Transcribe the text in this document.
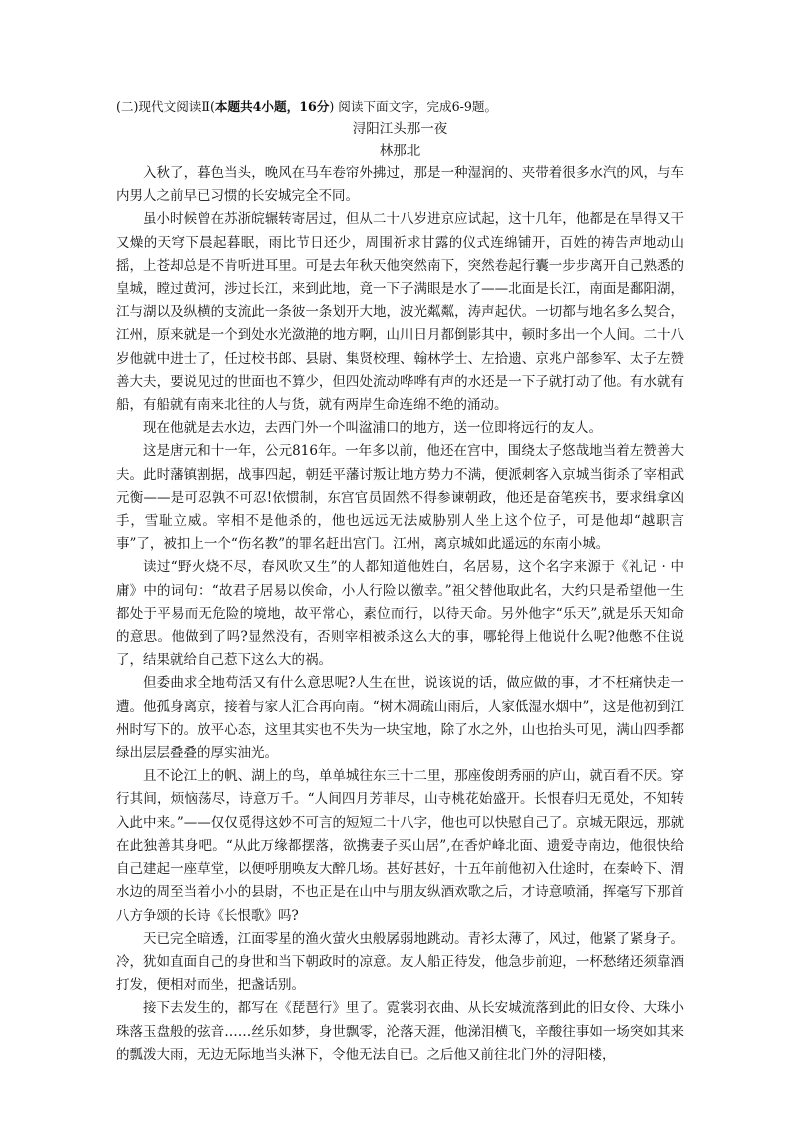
(二)现代文阅读Ⅱ(本题共4小题，16分) 阅读下面文字，完成6-9题。
浔阳江头那一夜
林那北

入秋了，暮色当头，晚风在马车卷帘外拂过，那是一种湿润的、夹带着很多水汽的风，与车内男人之前早已习惯的长安城完全不同。

虽小时候曾在苏浙皖辗转寄居过，但从二十八岁进京应试起，这十几年，他都是在旱得又干又燥的天穹下晨起暮眠，雨比节日还少，周围祈求甘露的仪式连绵铺开，百姓的祷告声地动山摇，上苍却总是不肯听进耳里。可是去年秋天他突然南下，突然卷起行囊一步步离开自己熟悉的皇城，瞠过黄河，涉过长江，来到此地，竟一下子满眼是水了——北面是长江，南面是鄱阳湖，江与湖以及纵横的支流此一条彼一条划开大地，波光粼粼，涛声起伏。一切都与地名多么契合，江州，原来就是一个到处水光潋滟的地方啊，山川日月都倒影其中，顿时多出一个人间。二十八岁他就中进士了，任过校书郎、县尉、集贤校理、翰林学士、左拾遗、京兆户部参军、太子左赞善大夫，要说见过的世面也不算少，但四处流动哗哗有声的水还是一下子就打动了他。有水就有船，有船就有南来北往的人与货，就有两岸生命连绵不绝的涌动。

现在他就是去水边，去西门外一个叫湓浦口的地方，送一位即将远行的友人。

这是唐元和十一年，公元816年。一年多以前，他还在宫中，围绕太子悠哉地当着左赞善大夫。此时藩镇割据，战事四起，朝廷平藩讨叛让地方势力不满，便派刺客入京城当街杀了宰相武元衡——是可忍孰不可忍!依惯制，东宫官员固然不得参谏朝政，他还是奋笔疾书，要求缉拿凶手，雪耻立威。宰相不是他杀的，他也远远无法威胁别人坐上这个位子，可是他却“越职言事”了，被扣上一个“伤名教”的罪名赶出宫门。江州，离京城如此遥远的东南小城。

读过“野火烧不尽，春风吹又生”的人都知道他姓白，名居易，这个名字来源于《礼记 · 中庸》中的词句：“故君子居易以俟命，小人行险以徼幸。”祖父替他取此名，大约只是希望他一生都处于平易而无危险的境地，故平常心，素位而行，以待天命。另外他字“乐天”,就是乐天知命的意思。他做到了吗?显然没有，否则宰相被杀这么大的事，哪轮得上他说什么呢?他憋不住说了，结果就给自己惹下这么大的祸。

但委曲求全地苟活又有什么意思呢?人生在世，说该说的话，做应做的事，才不枉痛快走一遭。他孤身离京，接着与家人汇合再向南。“树木凋疏山雨后，人家低湿水烟中”，这是他初到江州时写下的。放平心态，这里其实也不失为一块宝地，除了水之外，山也抬头可见，满山四季都绿出层层叠叠的厚实油光。

且不论江上的帆、湖上的鸟，单单城往东三十二里，那座俊朗秀丽的庐山，就百看不厌。穿行其间，烦恼荡尽，诗意万千。“人间四月芳菲尽，山寺桃花始盛开。长恨春归无觅处，不知转入此中来。”——仅仅觅得这妙不可言的短短二十八字，他也可以快慰自己了。京城无限远，那就在此独善其身吧。“从此万缘都摆落，欲携妻子买山居”,在香炉峰北面、遗爱寺南边，他很快给自己建起一座草堂，以便呼朋唤友大醉几场。甚好甚好，十五年前他初入仕途时，在秦岭下、渭水边的周至当着小小的县尉，不也正是在山中与朋友纵酒欢歌之后，才诗意喷涌，挥毫写下那首八方争颂的长诗《长恨歌》吗?

天已完全暗透，江面零星的渔火萤火虫般孱弱地跳动。青衫太薄了，风过，他紧了紧身子。冷，犹如直面自己的身世和当下朝政时的凉意。友人船正待发，他急步前迎，一杯愁绪还须靠酒打发，便相对而坐，把盏话别。

接下去发生的，都写在《琵琶行》里了。霓裳羽衣曲、从长安城流落到此的旧女伶、大珠小珠落玉盘般的弦音……丝乐如梦，身世飘零，沦落天涯，他涕泪横飞，辛酸往事如一场突如其来的瓢泼大雨，无边无际地当头淋下，令他无法自已。之后他又前往北门外的浔阳楼，
